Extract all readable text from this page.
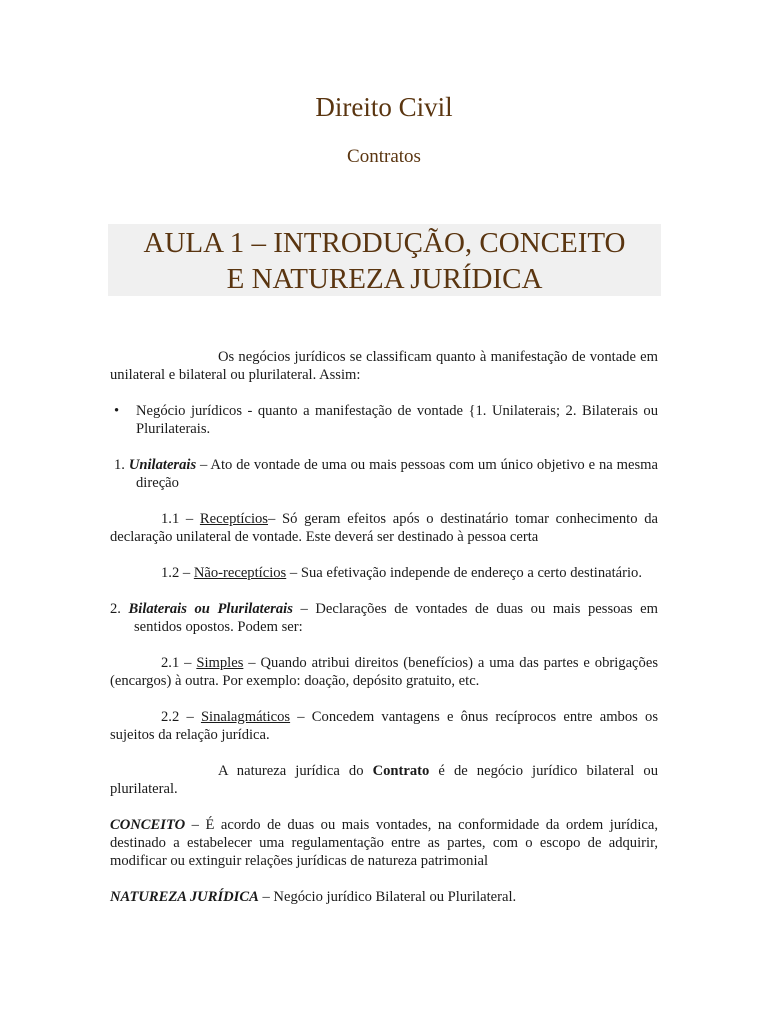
Direito Civil
Contratos
AULA 1 – INTRODUÇÃO, CONCEITO
E NATUREZA JURÍDICA

Os negócios jurídicos se classificam quanto à manifestação de vontade em unilateral e bilateral ou plurilateral. Assim:

•	Negócio jurídicos - quanto a manifestação de vontade {1. Unilaterais; 2. Bilaterais ou Plurilaterais.

1. Unilaterais – Ato de vontade de uma ou mais pessoas com um único objetivo e na mesma direção

1.1 – Receptícios– Só geram efeitos após o destinatário tomar conhecimento da declaração unilateral de vontade. Este deverá ser destinado à pessoa certa

1.2 – Não-receptícios – Sua efetivação independe de endereço a certo destinatário.

2. Bilaterais ou Plurilaterais – Declarações de vontades de duas ou mais pessoas em sentidos opostos. Podem ser:

2.1 – Simples – Quando atribui direitos (benefícios) a uma das partes e obrigações (encargos) à outra. Por exemplo: doação, depósito gratuito, etc.

2.2 – Sinalagmáticos – Concedem vantagens e ônus recíprocos entre ambos os sujeitos da relação jurídica.

A natureza jurídica do Contrato é de negócio jurídico bilateral ou plurilateral.

CONCEITO – É acordo de duas ou mais vontades, na conformidade da ordem jurídica, destinado a estabelecer uma regulamentação entre as partes, com o escopo de adquirir, modificar ou extinguir relações jurídicas de natureza patrimonial

NATUREZA JURÍDICA – Negócio jurídico Bilateral ou Plurilateral.
